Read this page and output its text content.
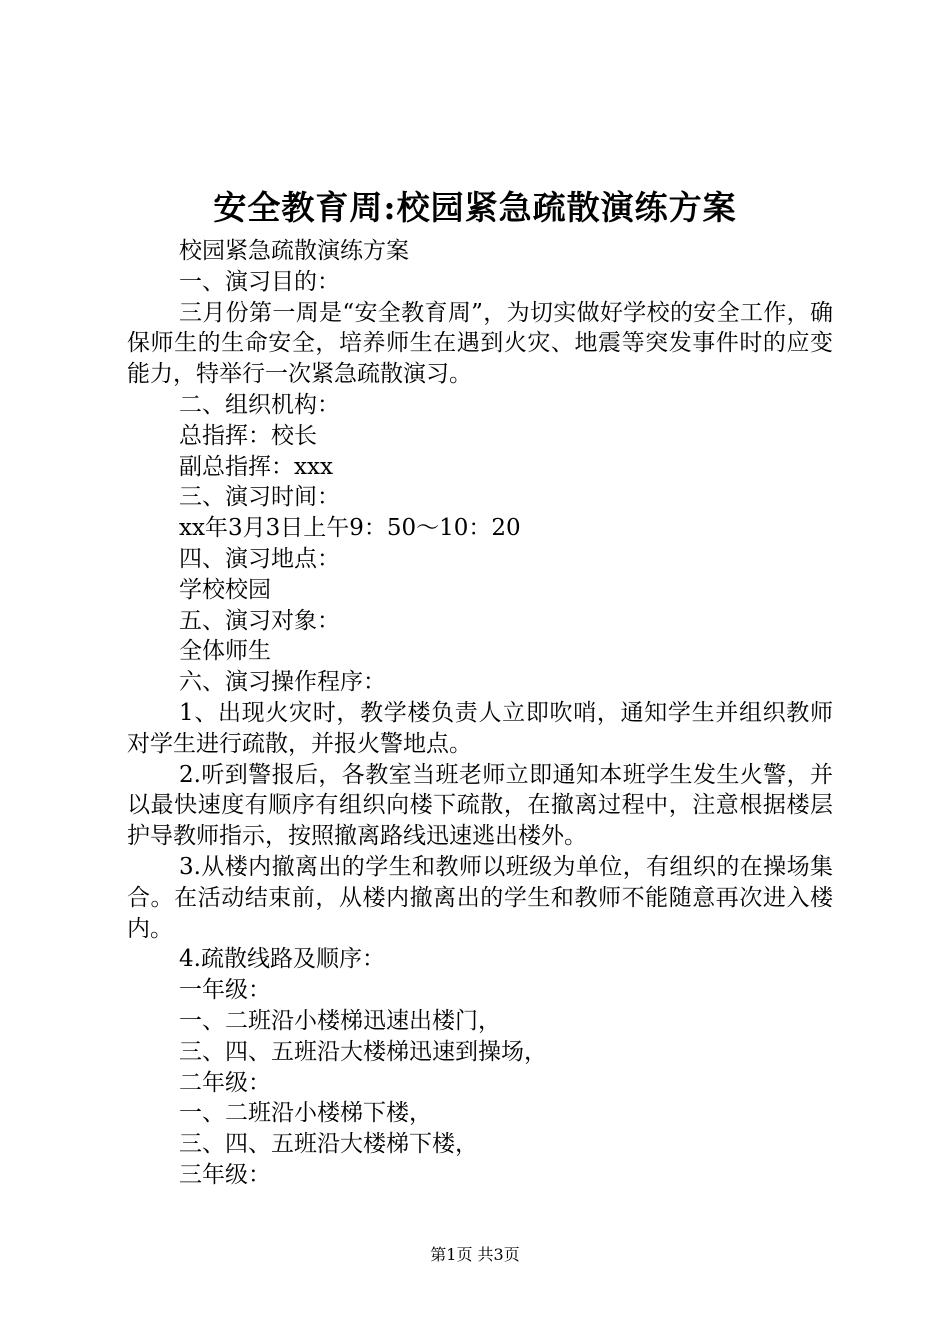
安全教育周:校园紧急疏散演练方案

校园紧急疏散演练方案

一、演习目的：

三月份第一周是“安全教育周”，为切实做好学校的安全工作，确保师生的生命安全，培养师生在遇到火灾、地震等突发事件时的应变能力，特举行一次紧急疏散演习。

二、组织机构：

总指挥：校长

副总指挥：xxx

三、演习时间：

xx年3月3日上午9：50～10：20

四、演习地点：

学校校园

五、演习对象：

全体师生

六、演习操作程序：

1、出现火灾时，教学楼负责人立即吹哨，通知学生并组织教师对学生进行疏散，并报火警地点。

2.听到警报后，各教室当班老师立即通知本班学生发生火警，并以最快速度有顺序有组织向楼下疏散，在撤离过程中，注意根据楼层护导教师指示，按照撤离路线迅速逃出楼外。

3.从楼内撤离出的学生和教师以班级为单位，有组织的在操场集合。在活动结束前，从楼内撤离出的学生和教师不能随意再次进入楼内。

4.疏散线路及顺序：

一年级：

一、二班沿小楼梯迅速出楼门，

三、四、五班沿大楼梯迅速到操场，

二年级：

一、二班沿小楼梯下楼，

三、四、五班沿大楼梯下楼，

三年级：

第1页 共3页
